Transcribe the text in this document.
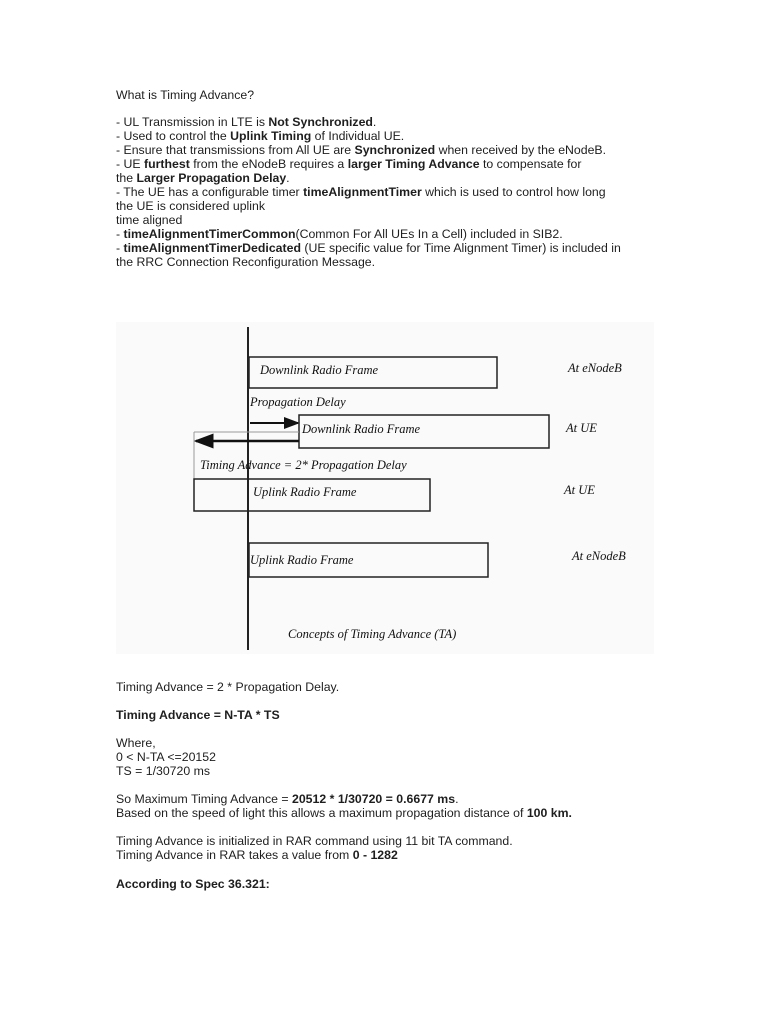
What is Timing Advance?
- UL Transmission in LTE is Not Synchronized.
- Used to control the Uplink Timing of Individual UE.
- Ensure that transmissions from All UE are Synchronized when received by the eNodeB.
- UE furthest from the eNodeB requires a larger Timing Advance to compensate for
the Larger Propagation Delay.
- The UE has a configurable timer timeAlignmentTimer which is used to control how long
the UE is considered uplink
time aligned
- timeAlignmentTimerCommon(Common For All UEs In a Cell) included in SIB2.
- timeAlignmentTimerDedicated (UE specific value for Time Alignment Timer) is included in
the RRC Connection Reconfiguration Message.
Downlink Radio Frame	At eNodeB
Propagation Delay
Downlink Radio Frame	At UE
Timing Advance = 2* Propagation Delay
Uplink Radio Frame	At UE
Uplink Radio Frame	At eNodeB
Concepts of Timing Advance (TA)
Timing Advance = 2 * Propagation Delay.
Timing Advance = N-TA * TS
Where,
0 < N-TA <=20152
TS = 1/30720 ms
So Maximum Timing Advance = 20512 * 1/30720 = 0.6677 ms.
Based on the speed of light this allows a maximum propagation distance of 100 km.
Timing Advance is initialized in RAR command using 11 bit TA command.
Timing Advance in RAR takes a value from 0 - 1282
According to Spec 36.321:
